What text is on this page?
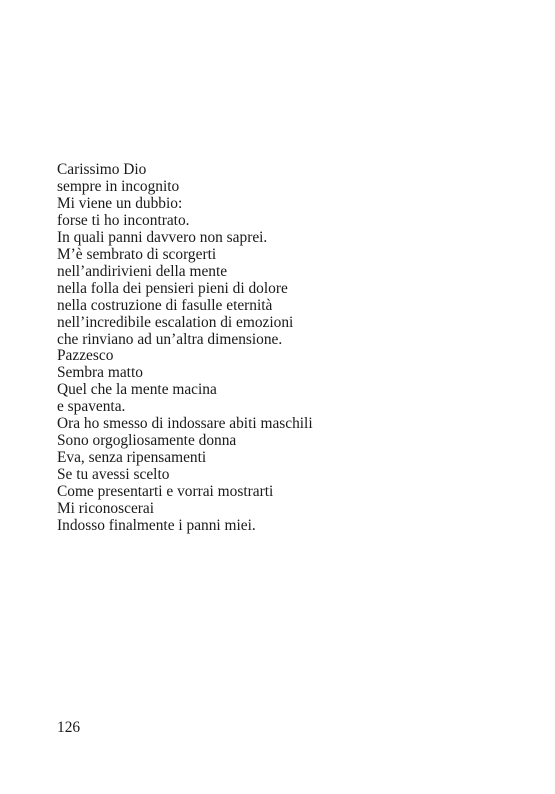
Carissimo Dio
sempre in incognito
Mi viene un dubbio:
forse ti ho incontrato.
In quali panni davvero non saprei.
M’è sembrato di scorgerti
nell’andirivieni della mente
nella folla dei pensieri pieni di dolore
nella costruzione di fasulle eternità
nell’incredibile escalation di emozioni
che rinviano ad un’altra dimensione.
Pazzesco
Sembra matto
Quel che la mente macina
e spaventa.
Ora ho smesso di indossare abiti maschili
Sono orgogliosamente donna
Eva, senza ripensamenti
Se tu avessi scelto
Come presentarti e vorrai mostrarti
Mi riconoscerai
Indosso finalmente i panni miei.
126
